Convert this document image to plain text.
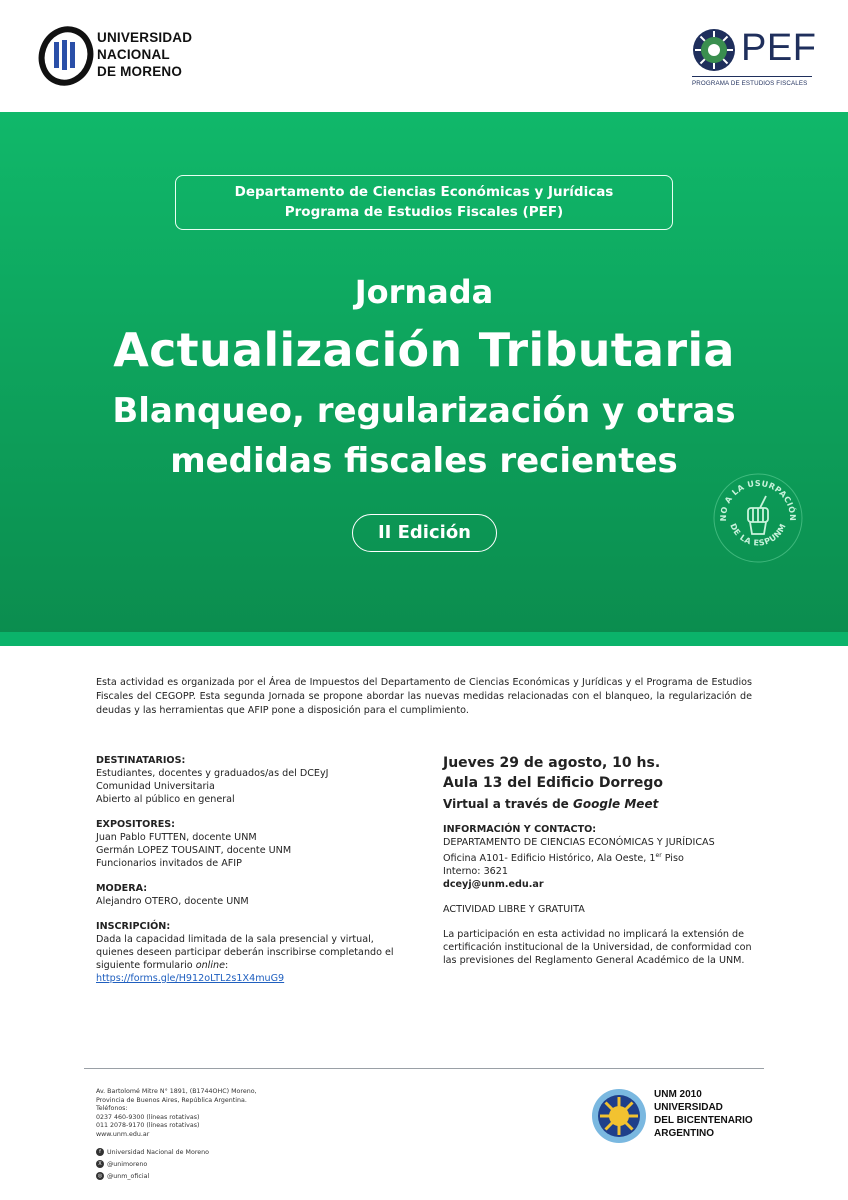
UNIVERSIDAD
NACIONAL
DE MORENO
PEF
PROGRAMA DE ESTUDIOS FISCALES
Departamento de Ciencias Económicas y Jurídicas
Programa de Estudios Fiscales (PEF)
Jornada
Actualización Tributaria
Blanqueo, regularización y otras
medidas fiscales recientes
II Edición
NO A LA USURPACIÓN
DE LA ESPUNM
Esta actividad es organizada por el Área de Impuestos del Departamento de Ciencias Económicas y Jurídicas y el Programa de Estudios Fiscales del CEGOPP. Esta segunda Jornada se propone abordar las nuevas medidas relacionadas con el blanqueo, la regularización de deudas y las herramientas que AFIP pone a disposición para el cumplimiento.
DESTINATARIOS:
Estudiantes, docentes y graduados/as del DCEyJ
Comunidad Universitaria
Abierto al público en general
EXPOSITORES:
Juan Pablo FUTTEN, docente UNM
Germán LOPEZ TOUSAINT, docente UNM
Funcionarios invitados de AFIP
MODERA:
Alejandro OTERO, docente UNM
INSCRIPCIÓN:
Dada la capacidad limitada de la sala presencial y virtual,
quienes deseen participar deberán inscribirse completando el
siguiente formulario online:
https://forms.gle/H912oLTL2s1X4muG9
Jueves 29 de agosto, 10 hs.
Aula 13 del Edificio Dorrego
Virtual a través de Google Meet
INFORMACIÓN Y CONTACTO:
DEPARTAMENTO DE CIENCIAS ECONÓMICAS Y JURÍDICAS
Oficina A101- Edificio Histórico, Ala Oeste, 1er Piso
Interno: 3621
dceyj@unm.edu.ar
ACTIVIDAD LIBRE Y GRATUITA
La participación en esta actividad no implicará la extensión de certificación institucional de la Universidad, de conformidad con las previsiones del Reglamento General Académico de la UNM.
Av. Bartolomé Mitre N° 1891, (B1744OHC) Moreno,
Provincia de Buenos Aires, República Argentina.
Teléfonos:
0237 460-9300 (líneas rotativas)
011 2078-9170 (líneas rotativas)
www.unm.edu.ar
f Universidad Nacional de Moreno
X @unimoreno
◎ @unm_oficial
UNM 2010
UNIVERSIDAD
DEL BICENTENARIO
ARGENTINO
